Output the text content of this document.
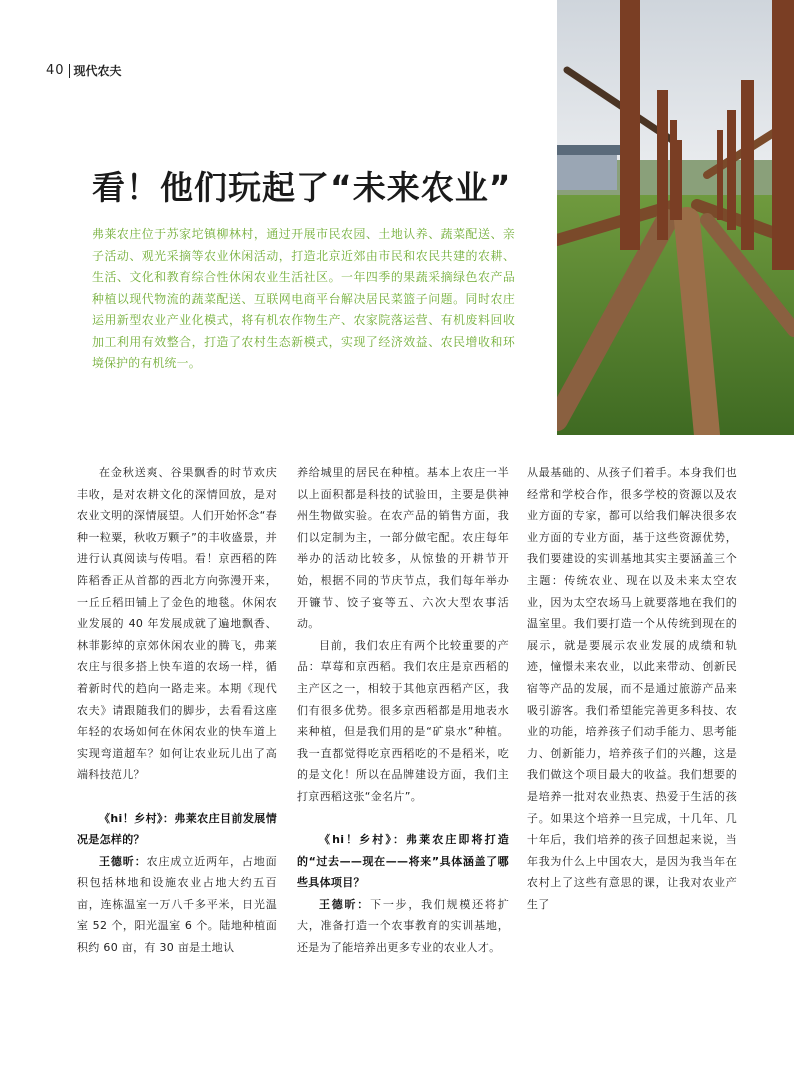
40 现代农夫
看！他们玩起了“未来农业”

弗莱农庄位于苏家坨镇柳林村，通过开展市民农园、土地认养、蔬菜配送、亲子活动、观光采摘等农业休闲活动，打造北京近郊由市民和农民共建的农耕、生活、文化和教育综合性休闲农业生活社区。一年四季的果蔬采摘绿色农产品种植以现代物流的蔬菜配送、互联网电商平台解决居民菜篮子问题。同时农庄运用新型农业产业化模式，将有机农作物生产、农家院落运营、有机废料回收加工利用有效整合，打造了农村生态新模式，实现了经济效益、农民增收和环境保护的有机统一。

在金秋送爽、谷果飘香的时节欢庆丰收，是对农耕文化的深情回放，是对农业文明的深情展望。人们开始怀念“春种一粒粟，秋收万颗子”的丰收盛景，并进行认真阅读与传唱。看！京西稻的阵阵稻香正从首都的西北方向弥漫开来，一丘丘稻田铺上了金色的地毯。休闲农业发展的 40 年发展成就了遍地飘香、林菲影绰的京郊休闲农业的腾飞，弗莱农庄与很多搭上快车道的农场一样，循着新时代的趋向一路走来。本期《现代农夫》请跟随我们的脚步，去看看这座年轻的农场如何在休闲农业的快车道上实现弯道超车？如何让农业玩儿出了高端科技范儿？

《hi！乡村》：弗莱农庄目前发展情况是怎样的？

王德昕：农庄成立近两年，占地面积包括林地和设施农业占地大约五百亩，连栋温室一万八千多平米，日光温室 52 个，阳光温室 6 个。陆地种植面积约 60 亩，有 30 亩是土地认

养给城里的居民在种植。基本上农庄一半以上面积都是科技的试验田，主要是供神州生物做实验。在农产品的销售方面，我们以定制为主，一部分做宅配。农庄每年举办的活动比较多，从惊蛰的开耕节开始，根据不同的节庆节点，我们每年举办开镰节、饺子宴等五、六次大型农事活动。

目前，我们农庄有两个比较重要的产品：草莓和京西稻。我们农庄是京西稻的主产区之一，相较于其他京西稻产区，我们有很多优势。很多京西稻都是用地表水来种植，但是我们用的是“矿泉水”种植。我一直都觉得吃京西稻吃的不是稻米，吃的是文化！所以在品牌建设方面，我们主打京西稻这张“金名片”。

《hi！乡村》：弗莱农庄即将打造的“过去——现在——将来”具体涵盖了哪些具体项目？

王德昕：下一步，我们规模还将扩大，准备打造一个农事教育的实训基地，还是为了能培养出更多专业的农业人才。

从最基础的、从孩子们着手。本身我们也经常和学校合作，很多学校的资源以及农业方面的专家，都可以给我们解决很多农业方面的专业方面，基于这些资源优势，我们要建设的实训基地其实主要涵盖三个主题：传统农业、现在以及未来太空农业，因为太空农场马上就要落地在我们的温室里。我们要打造一个从传统到现在的展示，就是要展示农业发展的成绩和轨迹，憧憬未来农业，以此来带动、创新民宿等产品的发展，而不是通过旅游产品来吸引游客。我们希望能完善更多科技、农业的功能，培养孩子们动手能力、思考能力、创新能力，培养孩子们的兴趣，这是我们做这个项目最大的收益。我们想要的是培养一批对农业热衷、热爱于生活的孩子。如果这个培养一旦完成，十几年、几十年后，我们培养的孩子回想起来说，当年我为什么上中国农大，是因为我当年在农村上了这些有意思的课，让我对农业产生了
